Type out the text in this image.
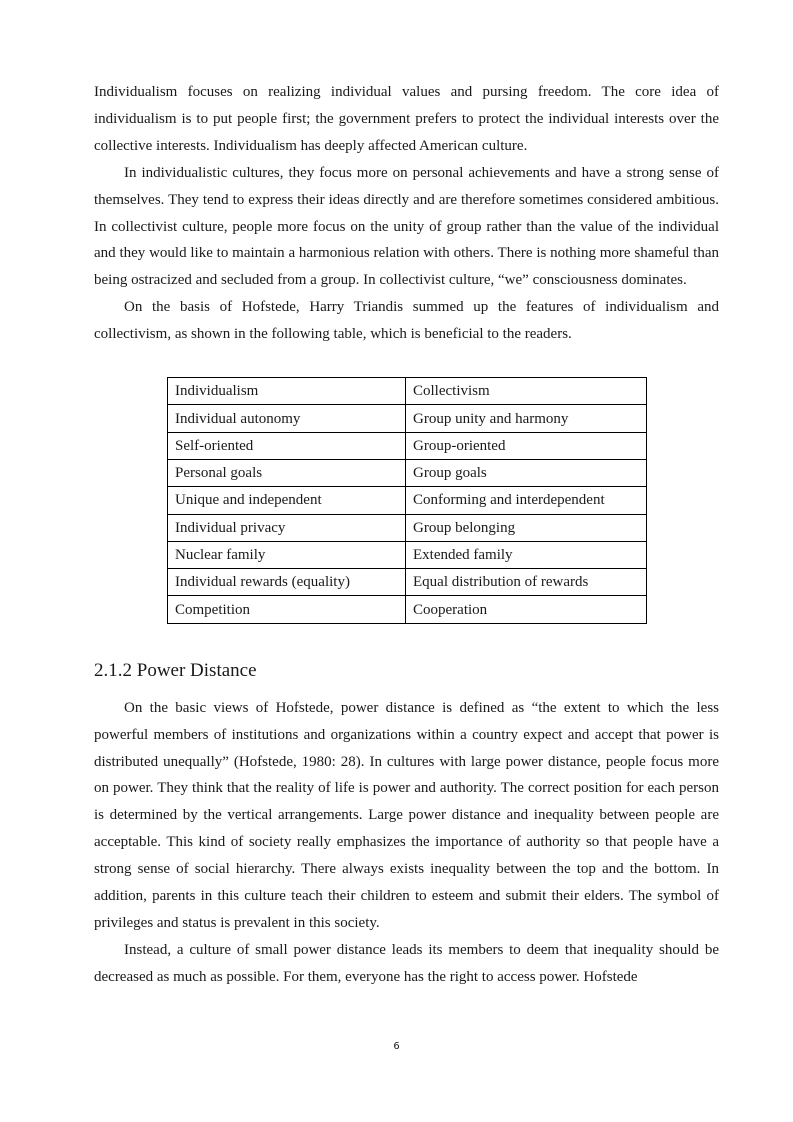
Individualism focuses on realizing individual values and pursing freedom. The core idea of individualism is to put people first; the government prefers to protect the individual interests over the collective interests. Individualism has deeply affected American culture.

In individualistic cultures, they focus more on personal achievements and have a strong sense of themselves. They tend to express their ideas directly and are therefore sometimes considered ambitious. In collectivist culture, people more focus on the unity of group rather than the value of the individual and they would like to maintain a harmonious relation with others. There is nothing more shameful than being ostracized and secluded from a group. In collectivist culture, “we” consciousness dominates.

On the basis of Hofstede, Harry Triandis summed up the features of individualism and collectivism, as shown in the following table, which is beneficial to the readers.

Individualism	Collectivism
Individual autonomy	Group unity and harmony
Self-oriented	Group-oriented
Personal goals	Group goals
Unique and independent	Conforming and interdependent
Individual privacy	Group belonging
Nuclear family	Extended family
Individual rewards (equality)	Equal distribution of rewards
Competition	Cooperation
2.1.2 Power Distance

On the basic views of Hofstede, power distance is defined as “the extent to which the less powerful members of institutions and organizations within a country expect and accept that power is distributed unequally” (Hofstede, 1980: 28). In cultures with large power distance, people focus more on power. They think that the reality of life is power and authority. The correct position for each person is determined by the vertical arrangements. Large power distance and inequality between people are acceptable. This kind of society really emphasizes the importance of authority so that people have a strong sense of social hierarchy. There always exists inequality between the top and the bottom. In addition, parents in this culture teach their children to esteem and submit their elders. The symbol of privileges and status is prevalent in this society.

Instead, a culture of small power distance leads its members to deem that inequality should be decreased as much as possible. For them, everyone has the right to access power. Hofstede

6
